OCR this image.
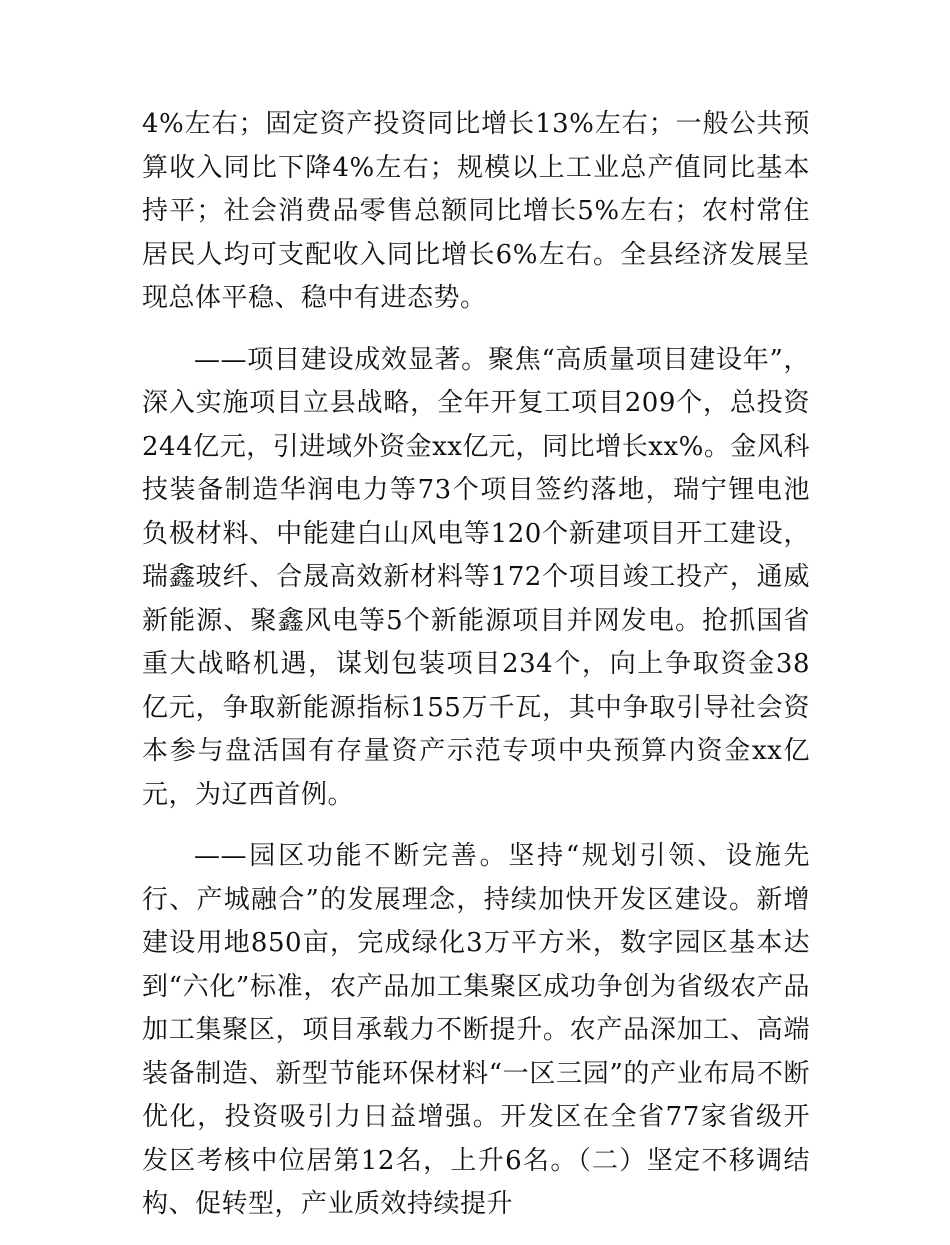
4%左右；固定资产投资同比增长13%左右；一般公共预算收入同比下降4%左右；规模以上工业总产值同比基本持平；社会消费品零售总额同比增长5%左右；农村常住居民人均可支配收入同比增长6%左右。全县经济发展呈现总体平稳、稳中有进态势。

——项目建设成效显著。聚焦“高质量项目建设年”，深入实施项目立县战略，全年开复工项目209个，总投资244亿元，引进域外资金xx亿元，同比增长xx%。金风科技装备制造华润电力等73个项目签约落地，瑞宁锂电池负极材料、中能建白山风电等120个新建项目开工建设，瑞鑫玻纤、合晟高效新材料等172个项目竣工投产，通威新能源、聚鑫风电等5个新能源项目并网发电。抢抓国省重大战略机遇，谋划包装项目234个，向上争取资金38亿元，争取新能源指标155万千瓦，其中争取引导社会资本参与盘活国有存量资产示范专项中央预算内资金xx亿元，为辽西首例。

——园区功能不断完善。坚持“规划引领、设施先行、产城融合”的发展理念，持续加快开发区建设。新增建设用地850亩，完成绿化3万平方米，数字园区基本达到“六化”标准，农产品加工集聚区成功争创为省级农产品加工集聚区，项目承载力不断提升。农产品深加工、高端装备制造、新型节能环保材料“一区三园”的产业布局不断优化，投资吸引力日益增强。开发区在全省77家省级开发区考核中位居第12名，上升6名。（二）坚定不移调结构、促转型，产业质效持续提升
